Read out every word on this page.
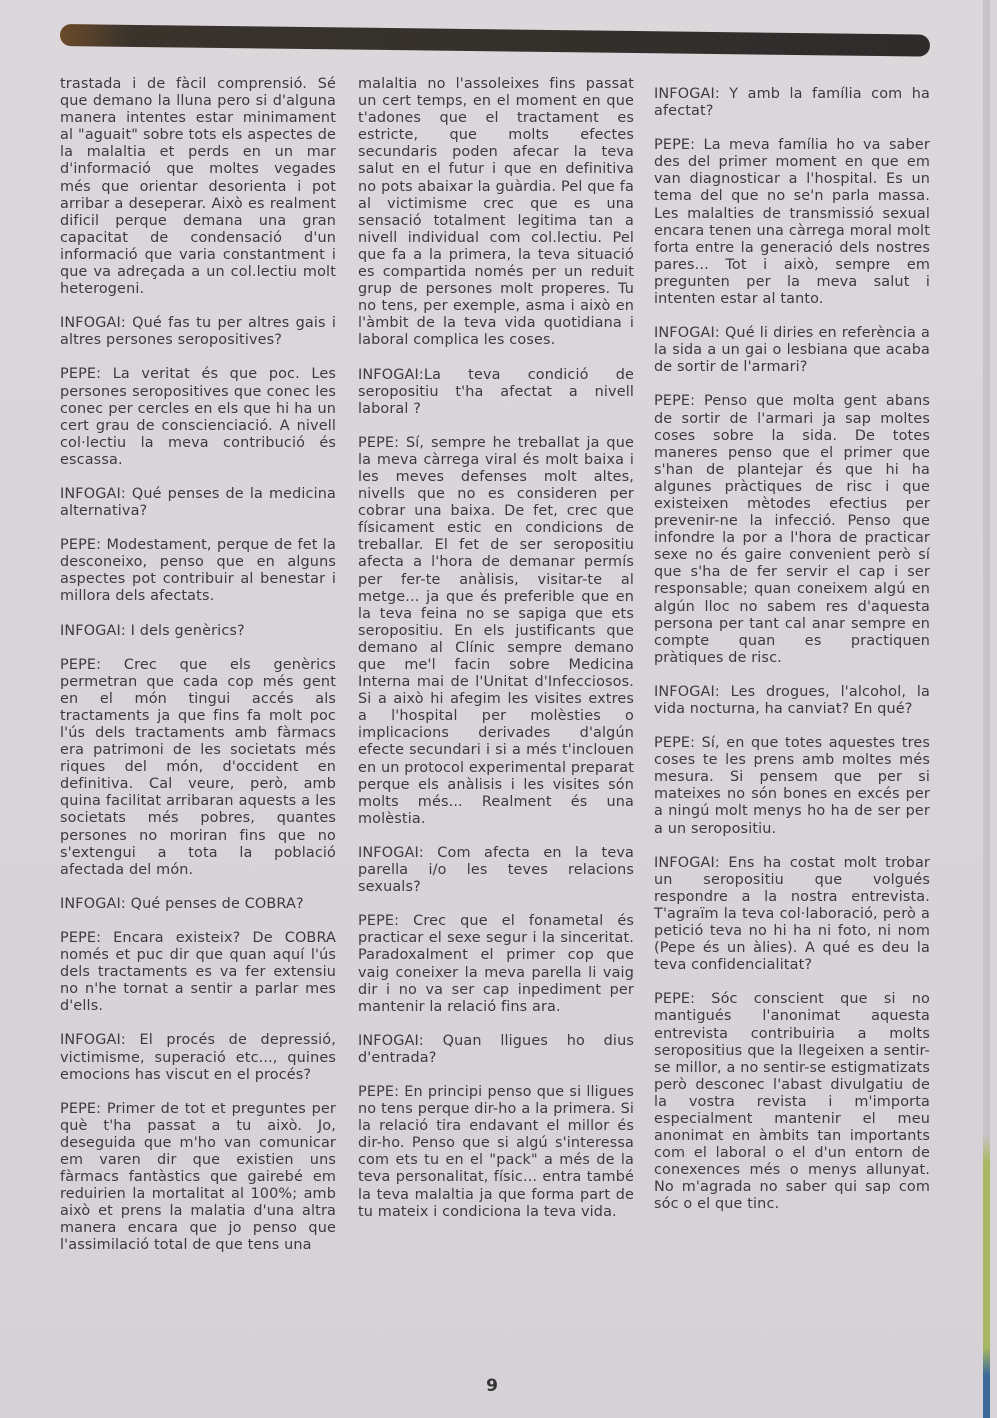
trastada i de fàcil comprensió. Sé que demano la lluna pero si d'alguna manera intentes estar minimament al "aguait" sobre tots els aspectes de la malaltia et perds en un mar d'informació que moltes vegades més que orientar desorienta i pot arribar a deseperar. Això es realment dificil perque demana una gran capacitat de condensació d'un informació que varia constantment i que va adreçada a un col.lectiu molt heterogeni.

INFOGAI: Qué fas tu per altres gais i altres persones seropositives?

PEPE: La veritat és que poc. Les persones seropositives que conec les conec per cercles en els que hi ha un cert grau de conscienciació. A nivell col·lectiu la meva contribució és escassa.

INFOGAI: Qué penses de la medicina alternativa?

PEPE: Modestament, perque de fet la desconeixo, penso que en alguns aspectes pot contribuir al benestar i millora dels afectats.

INFOGAI: I dels genèrics?

PEPE: Crec que els genèrics permetran que cada cop més gent en el món tingui accés als tractaments ja que fins fa molt poc l'ús dels tractaments amb fàrmacs era patrimoni de les societats més riques del món, d'occident en definitiva. Cal veure, però, amb quina facilitat arribaran aquests a les societats més pobres, quantes persones no moriran fins que no s'extengui a tota la població afectada del món.

INFOGAI: Qué penses de COBRA?

PEPE: Encara existeix? De COBRA només et puc dir que quan aquí l'ús dels tractaments es va fer extensiu no n'he tornat a sentir a parlar mes d'ells.

INFOGAI: El procés de depressió, victimisme, superació etc..., quines emocions has viscut en el procés?

PEPE: Primer de tot et preguntes per què t'ha passat a tu això. Jo, deseguida que m'ho van comunicar em varen dir que existien uns fàrmacs fantàstics que gairebé em reduirien la mortalitat al 100%; amb això et prens la malatia d'una altra manera encara que jo penso que l'assimilació total de que tens una

malaltia no l'assoleixes fins passat un cert temps, en el moment en que t'adones que el tractament es estricte, que molts efectes secundaris poden afecar la teva salut en el futur i que en definitiva no pots abaixar la guàrdia. Pel que fa al victimisme crec que es una sensació totalment legitima tan a nivell individual com col.lectiu. Pel que fa a la primera, la teva situació es compartida només per un reduit grup de persones molt properes. Tu no tens, per exemple, asma i això en l'àmbit de la teva vida quotidiana i laboral complica les coses.

INFOGAI:La teva condició de seropositiu t'ha afectat a nivell laboral ?

PEPE: Sí, sempre he treballat ja que la meva càrrega viral és molt baixa i les meves defenses molt altes, nivells que no es consideren per cobrar una baixa. De fet, crec que físicament estic en condicions de treballar. El fet de ser seropositiu afecta a l'hora de demanar permís per fer-te anàlisis, visitar-te al metge... ja que és preferible que en la teva feina no se sapiga que ets seropositiu. En els justificants que demano al Clínic sempre demano que me'l facin sobre Medicina Interna mai de l'Unitat d'Infecciosos. Si a això hi afegim les visites extres a l'hospital per molèsties o implicacions derivades d'algún efecte secundari i si a més t'inclouen en un protocol experimental preparat perque els anàlisis i les visites són molts més... Realment és una molèstia.

INFOGAI: Com afecta en la teva parella i/o les teves relacions sexuals?

PEPE: Crec que el fonametal és practicar el sexe segur i la sinceritat. Paradoxalment el primer cop que vaig coneixer la meva parella li vaig dir i no va ser cap inpediment per mantenir la relació fins ara.

INFOGAI: Quan lligues ho dius d'entrada?

PEPE: En principi penso que si lligues no tens perque dir-ho a la primera. Si la relació tira endavant el millor és dir-ho. Penso que si algú s'interessa com ets tu en el "pack" a més de la teva personalitat, físic... entra també la teva malaltia ja que forma part de tu mateix i condiciona la teva vida.

INFOGAI: Y amb la família com ha afectat?

PEPE: La meva família ho va saber des del primer moment en que em van diagnosticar a l'hospital. Es un tema del que no se'n parla massa. Les malalties de transmissió sexual encara tenen una càrrega moral molt forta entre la generació dels nostres pares... Tot i això, sempre em pregunten per la meva salut i intenten estar al tanto.

INFOGAI: Qué li diries en referència a la sida a un gai o lesbiana que acaba de sortir de l'armari?

PEPE: Penso que molta gent abans de sortir de l'armari ja sap moltes coses sobre la sida. De totes maneres penso que el primer que s'han de plantejar és que hi ha algunes pràctiques de risc i que existeixen mètodes efectius per prevenir-ne la infecció. Penso que infondre la por a l'hora de practicar sexe no és gaire convenient però sí que s'ha de fer servir el cap i ser responsable; quan coneixem algú en algún lloc no sabem res d'aquesta persona per tant cal anar sempre en compte quan es practiquen pràtiques de risc.

INFOGAI: Les drogues, l'alcohol, la vida nocturna, ha canviat? En qué?

PEPE: Sí, en que totes aquestes tres coses te les prens amb moltes més mesura. Si pensem que per si mateixes no són bones en excés per a ningú molt menys ho ha de ser per a un seropositiu.

INFOGAI: Ens ha costat molt trobar un seropositiu que volgués respondre a la nostra entrevista. T'agraïm la teva col·laboració, però a petició teva no hi ha ni foto, ni nom (Pepe és un àlies). A qué es deu la teva confidencialitat?

PEPE: Sóc conscient que si no mantigués l'anonimat aquesta entrevista contribuiria a molts seropositius que la llegeixen a sentir-se millor, a no sentir-se estigmatizats però desconec l'abast divulgatiu de la vostra revista i m'importa especialment mantenir el meu anonimat en àmbits tan importants com el laboral o el d'un entorn de conexences més o menys allunyat. No m'agrada no saber qui sap com sóc o el que tinc.

9
